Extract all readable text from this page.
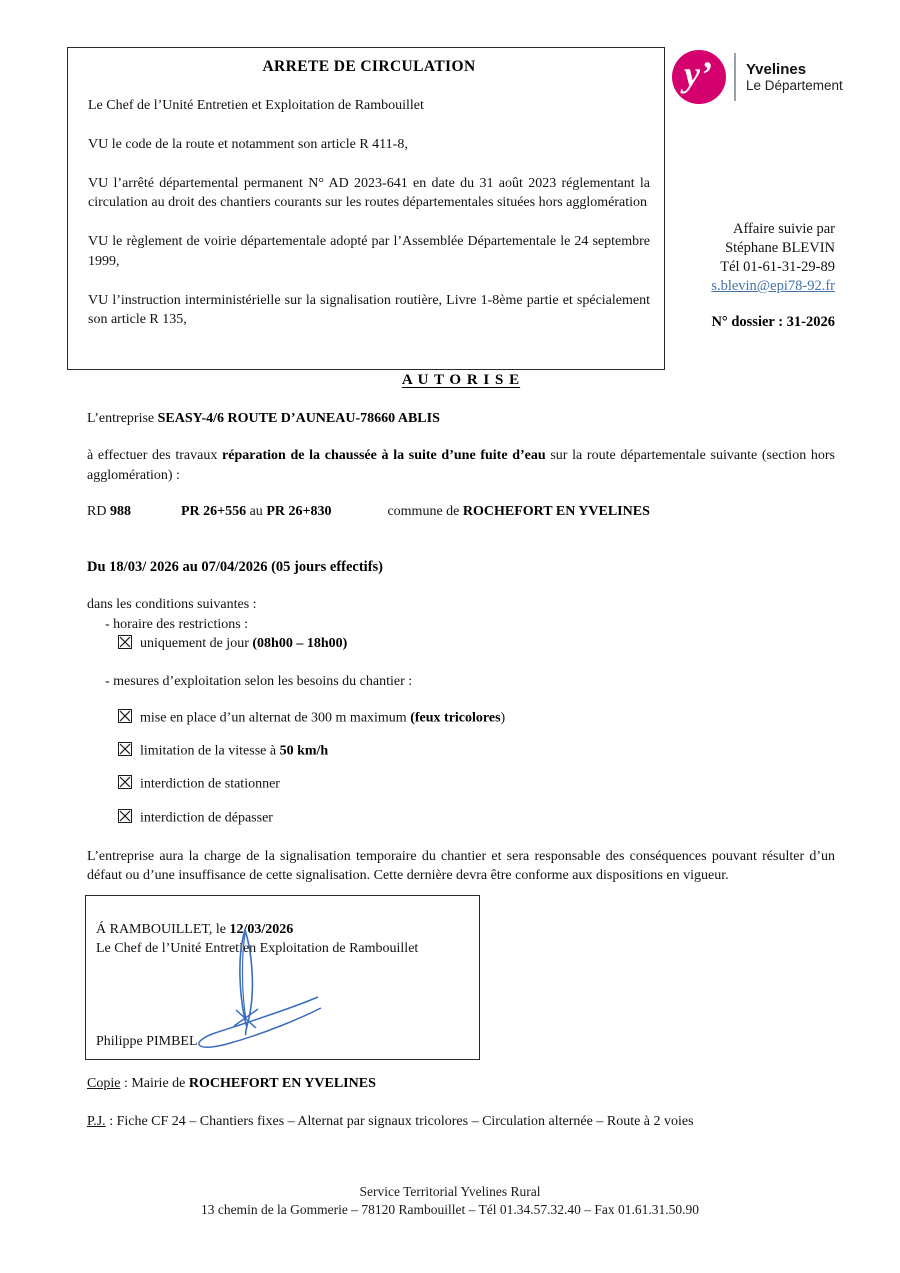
ARRETE DE CIRCULATION

Le Chef de l’Unité Entretien et Exploitation de Rambouillet

VU le code de la route et notamment son article R 411-8,

VU l’arrêté départemental permanent N° AD 2023-641 en date du 31 août 2023 réglementant la circulation au droit des chantiers courants sur les routes départementales situées hors agglomération

VU le règlement de voirie départementale adopté par l’Assemblée Départementale le 24 septembre 1999,

VU l’instruction interministérielle sur la signalisation routière, Livre 1-8ème partie et spécialement son article R 135,

y’ Yvelines
Le Département
Affaire suivie par
Stéphane BLEVIN
Tél 01-61-31-29-89
s.blevin@epi78-92.fr
N° dossier : 31-2026
A U T O R I S E

L’entreprise SEASY-4/6 ROUTE D’AUNEAU-78660 ABLIS

à effectuer des travaux réparation de la chaussée à la suite d’une fuite d’eau sur la route départementale suivante (section hors agglomération) :

RD 988	PR 26+556 au PR 26+830	commune de ROCHEFORT EN YVELINES

Du 18/03/ 2026 au 07/04/2026 (05 jours effectifs)

dans les conditions suivantes :

- horaire des restrictions :

uniquement de jour (08h00 – 18h00)

- mesures d’exploitation selon les besoins du chantier :

mise en place d’un alternat de 300 m maximum (feux tricolores)

limitation de la vitesse à 50 km/h

interdiction de stationner

interdiction de dépasser

L’entreprise aura la charge de la signalisation temporaire du chantier et sera responsable des conséquences pouvant résulter d’un défaut ou d’une insuffisance de cette signalisation. Cette dernière devra être conforme aux dispositions en vigueur.

Á RAMBOUILLET, le 12/03/2026
Le Chef de l’Unité Entretien Exploitation de Rambouillet
Philippe PIMBEL

Copie : Mairie de ROCHEFORT EN YVELINES

P.J. : Fiche CF 24 – Chantiers fixes – Alternat par signaux tricolores – Circulation alternée – Route à 2 voies

Service Territorial Yvelines Rural
13 chemin de la Gommerie – 78120 Rambouillet – Tél 01.34.57.32.40 – Fax 01.61.31.50.90
